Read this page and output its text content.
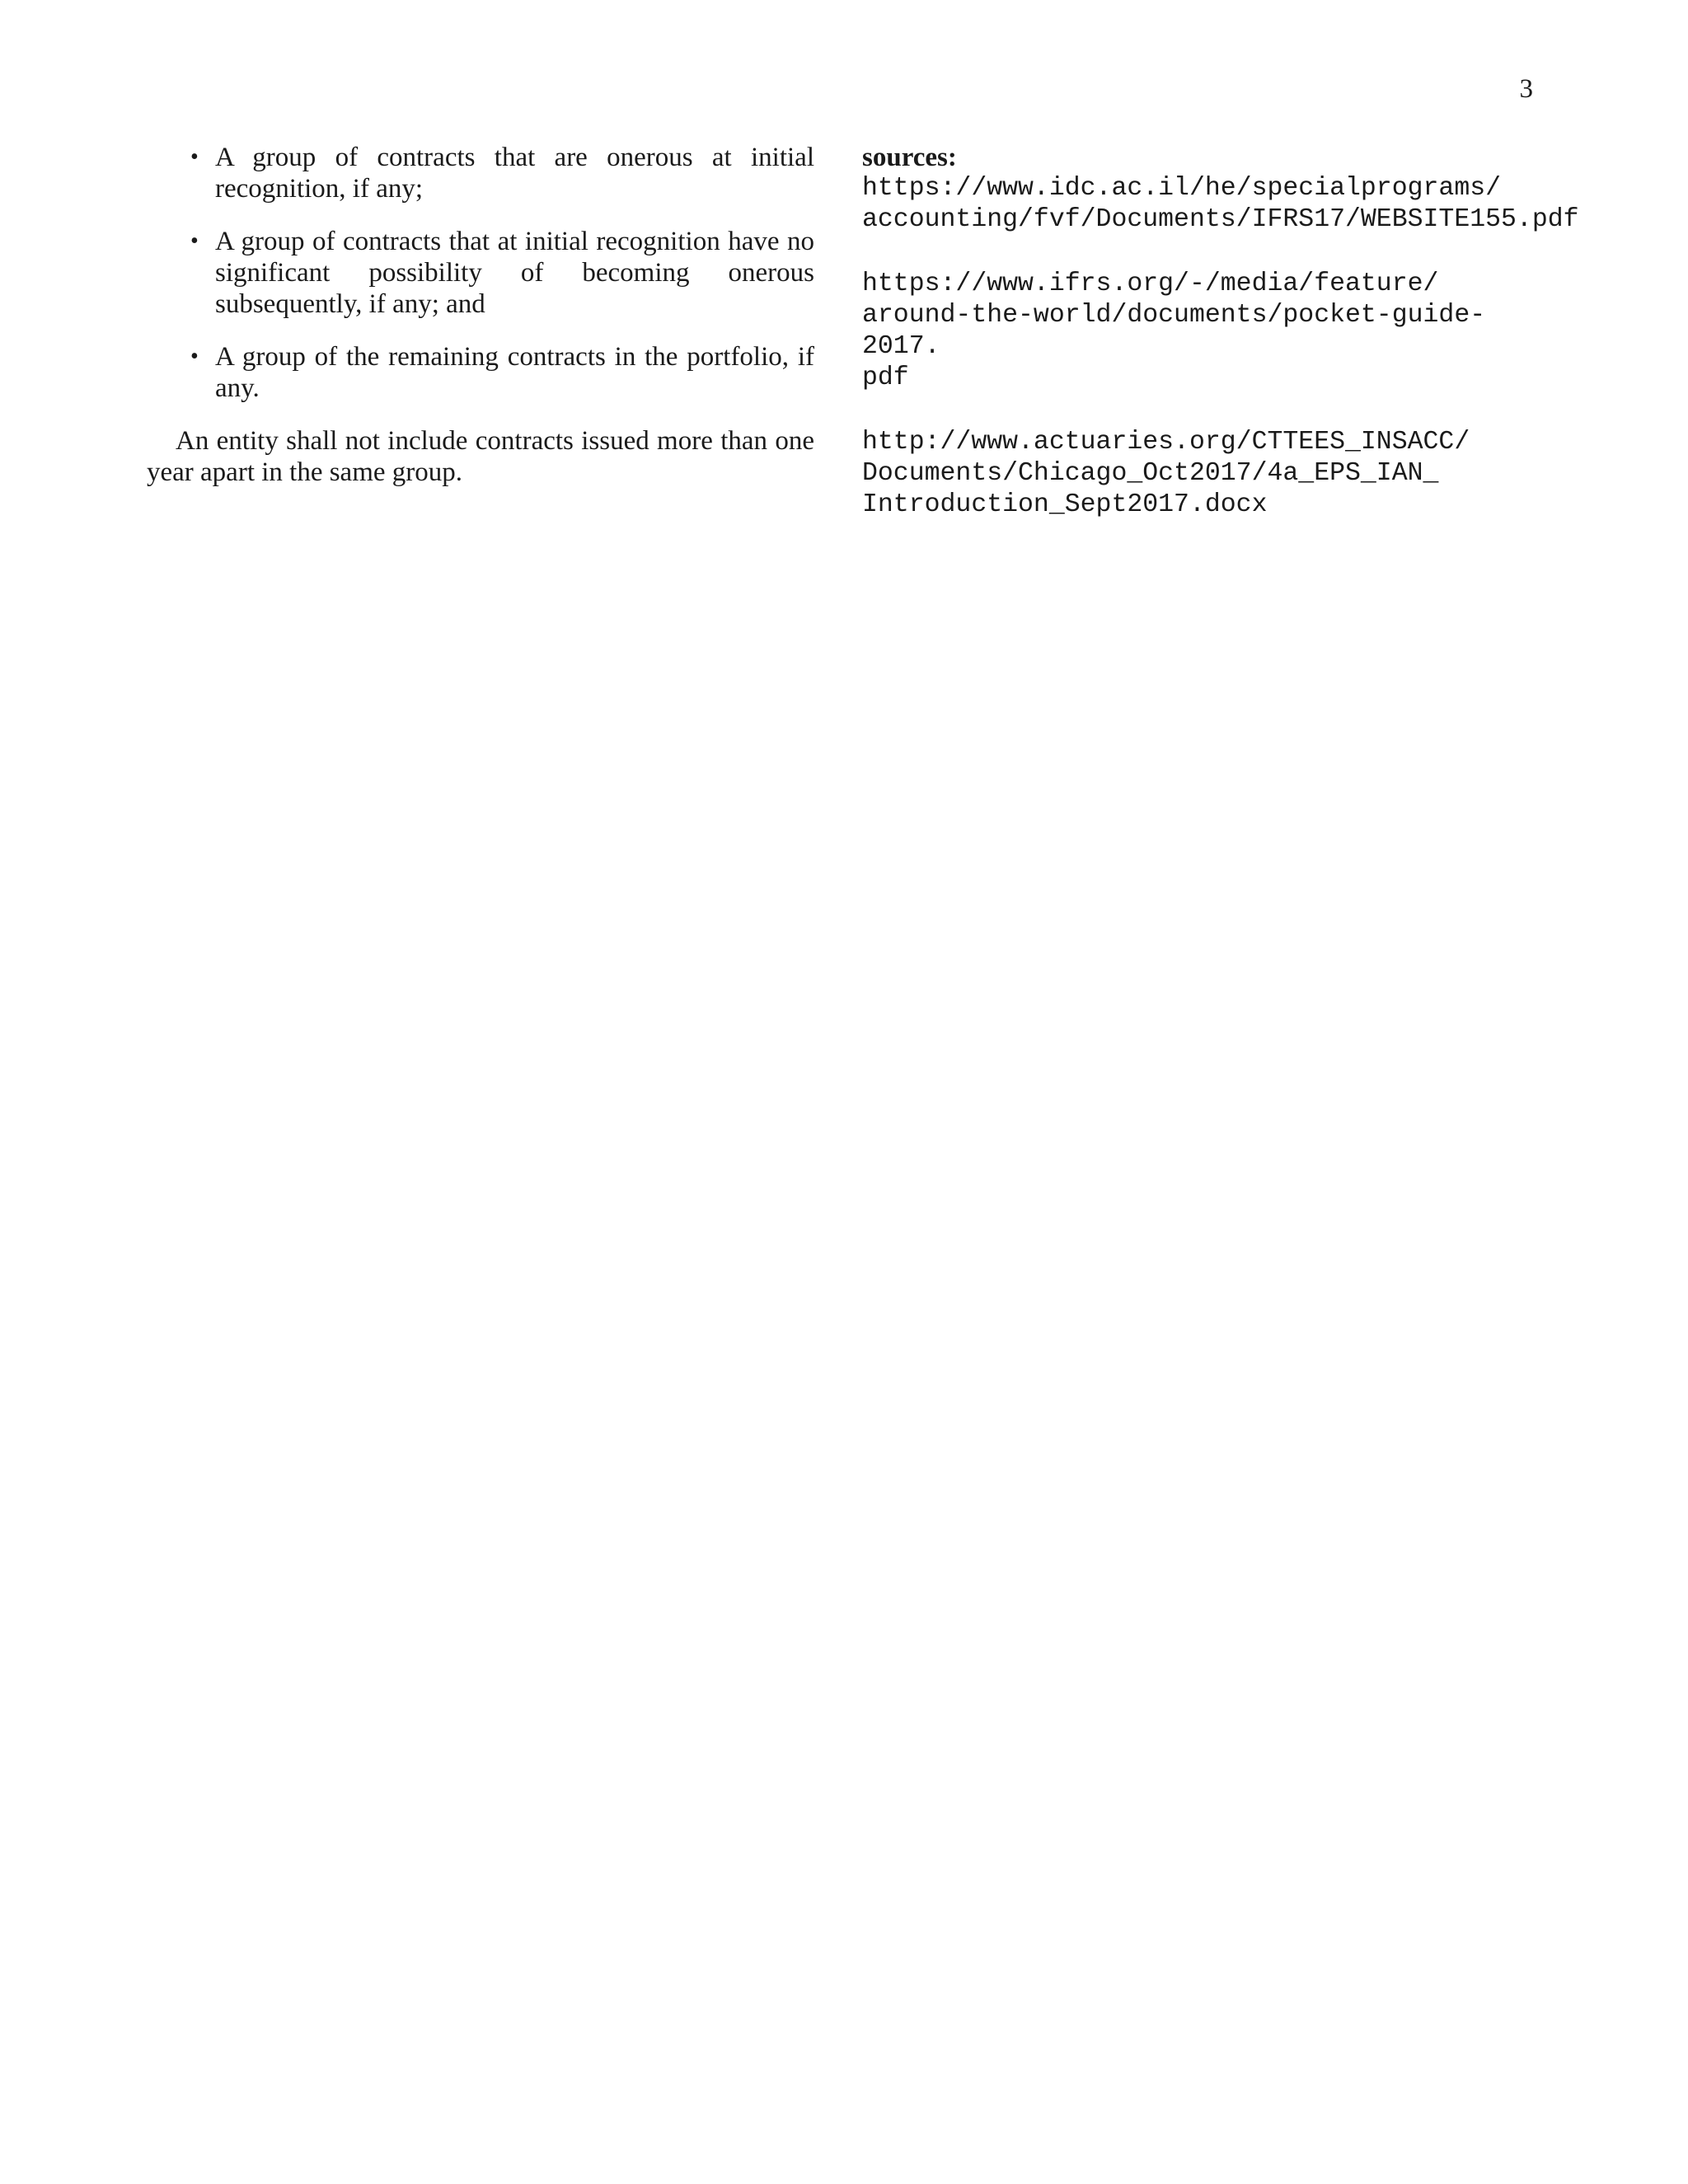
3
• A group of contracts that are onerous at initial recognition, if any;
• A group of contracts that at initial recognition have no significant possibility of becoming onerous subsequently, if any; and
• A group of the remaining contracts in the portfolio, if any.

An entity shall not include contracts issued more than one year apart in the same group.

sources:
https://www.idc.ac.il/he/specialprograms/
accounting/fvf/Documents/IFRS17/WEBSITE155.pdf
https://www.ifrs.org/-/media/feature/
around-the-world/documents/pocket-guide-2017.
pdf
http://www.actuaries.org/CTTEES_INSACC/
Documents/Chicago_Oct2017/4a_EPS_IAN_
Introduction_Sept2017.docx
